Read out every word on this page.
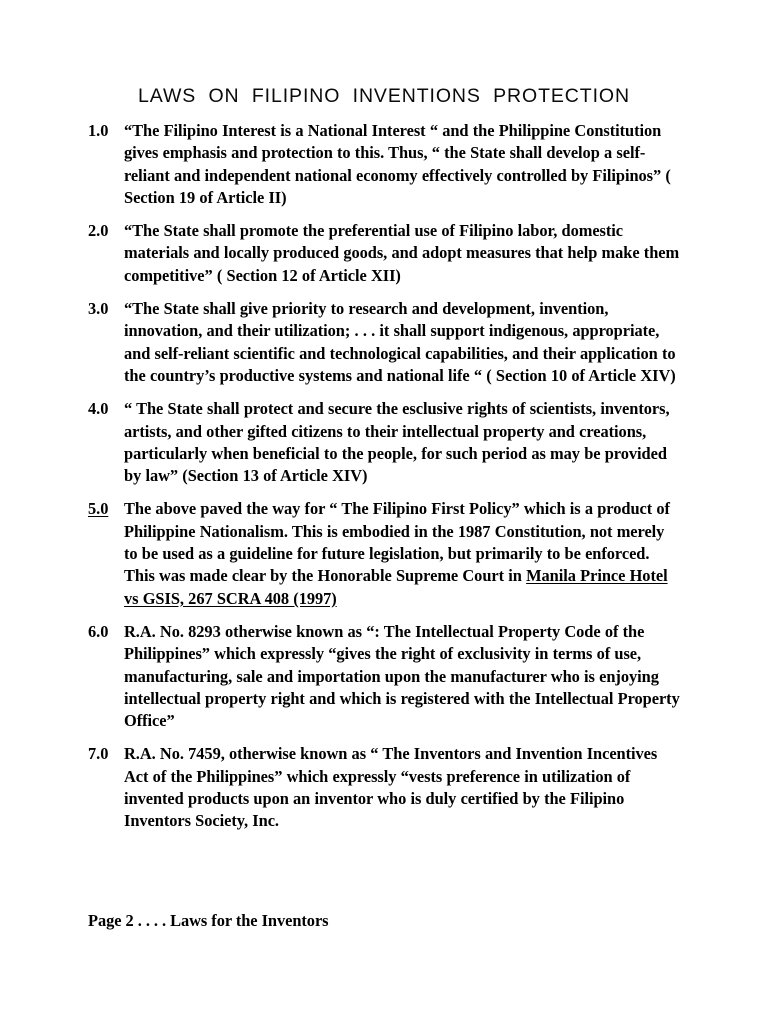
LAWS ON FILIPINO INVENTIONS PROTECTION
1.0 “The Filipino Interest is a National Interest “ and the Philippine Constitution gives emphasis and protection to this. Thus, “ the State shall develop a self-reliant and independent national economy effectively controlled by Filipinos” ( Section 19 of Article II)
2.0 “The State shall promote the preferential use of Filipino labor, domestic materials and locally produced goods, and adopt measures that help make them competitive” ( Section 12 of Article XII)
3.0 “The State shall give priority to research and development, invention, innovation, and their utilization; . . . it shall support indigenous, appropriate, and self-reliant scientific and technological capabilities, and their application to the country’s productive systems and national life “ ( Section 10 of Article XIV)
4.0 “ The State shall protect and secure the esclusive rights of scientists, inventors, artists, and other gifted citizens to their intellectual property and creations, particularly when beneficial to the people, for such period as may be provided by law” (Section 13 of Article XIV)
5.0 The above paved the way for “ The Filipino First Policy” which is a product of Philippine Nationalism. This is embodied in the 1987 Constitution, not merely to be used as a guideline for future legislation, but primarily to be enforced. This was made clear by the Honorable Supreme Court in Manila Prince Hotel vs GSIS, 267 SCRA 408 (1997)
6.0 R.A. No. 8293 otherwise known as “: The Intellectual Property Code of the Philippines” which expressly “gives the right of exclusivity in terms of use, manufacturing, sale and importation upon the manufacturer who is enjoying intellectual property right and which is registered with the Intellectual Property Office”
7.0 R.A. No. 7459, otherwise known as “ The Inventors and Invention Incentives Act of the Philippines” which expressly “vests preference in utilization of invented products upon an inventor who is duly certified by the Filipino Inventors Society, Inc.
Page 2 . . . . Laws for the Inventors
